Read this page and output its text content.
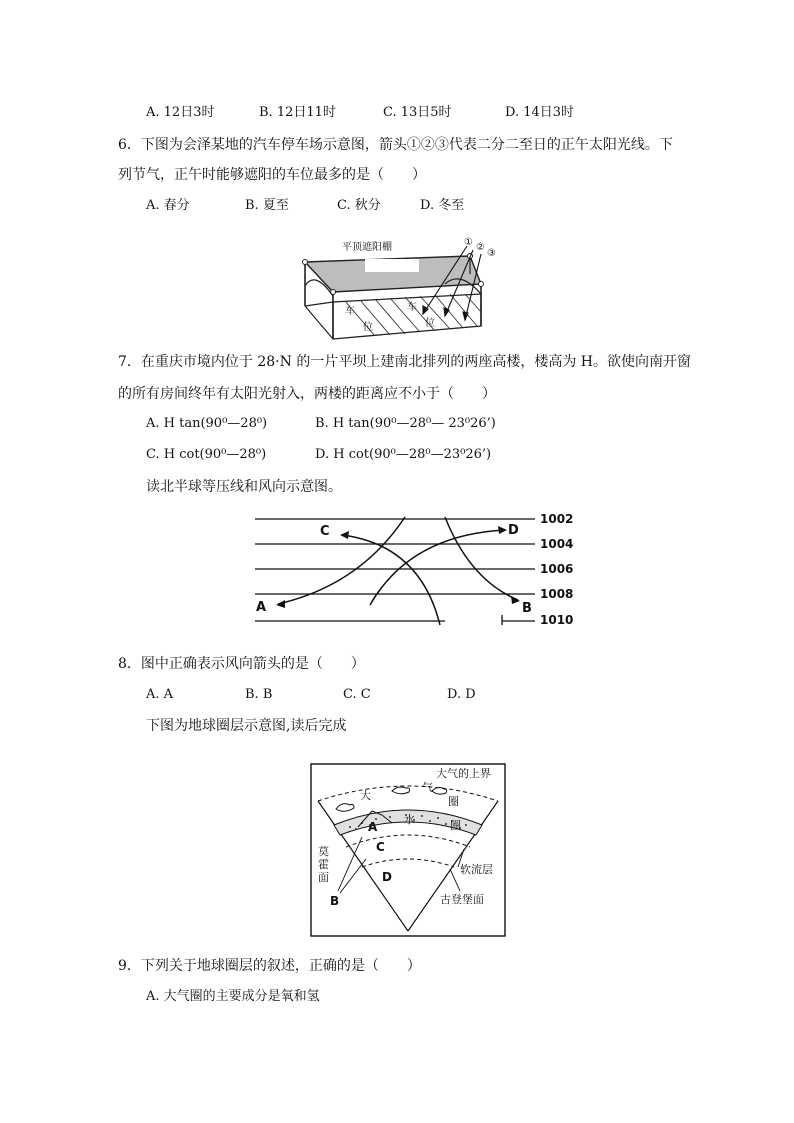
A. 12日3时	B. 12日11时	C. 13日5时	D. 14日3时
6．下图为会泽某地的汽车停车场示意图，箭头①②③代表二分二至日的正午太阳光线。下
列节气，正午时能够遮阳的车位最多的是（　　）
A. 春分	B. 夏至	C. 秋分	D. 冬至
平顶遮阳棚
车
位
车
位
① ②
③
7．在重庆市境内位于 28·N 的一片平坝上建南北排列的两座高楼，楼高为 H。欲使向南开窗
的所有房间终年有太阳光射入，两楼的距离应不小于（　　）
A. H tan(90⁰—28⁰)	B. H tan(90⁰—28⁰— 23⁰26’)
C. H cot(90⁰—28⁰)	D. H cot(90⁰—28⁰—23⁰26’)
读北半球等压线和风向示意图。
1002
1004
1006
1008
1010
C	D
A	B
8．图中正确表示风向箭头的是（　　）
A. A	B. B	C. C	D. D
下图为地球圈层示意图,读后完成
大气的上界
大
气
圈
水	圈
A
C
D
B
莫
霍
面
软流层
古登堡面
9．下列关于地球圈层的叙述，正确的是（　　）
A. 大气圈的主要成分是氧和氢
